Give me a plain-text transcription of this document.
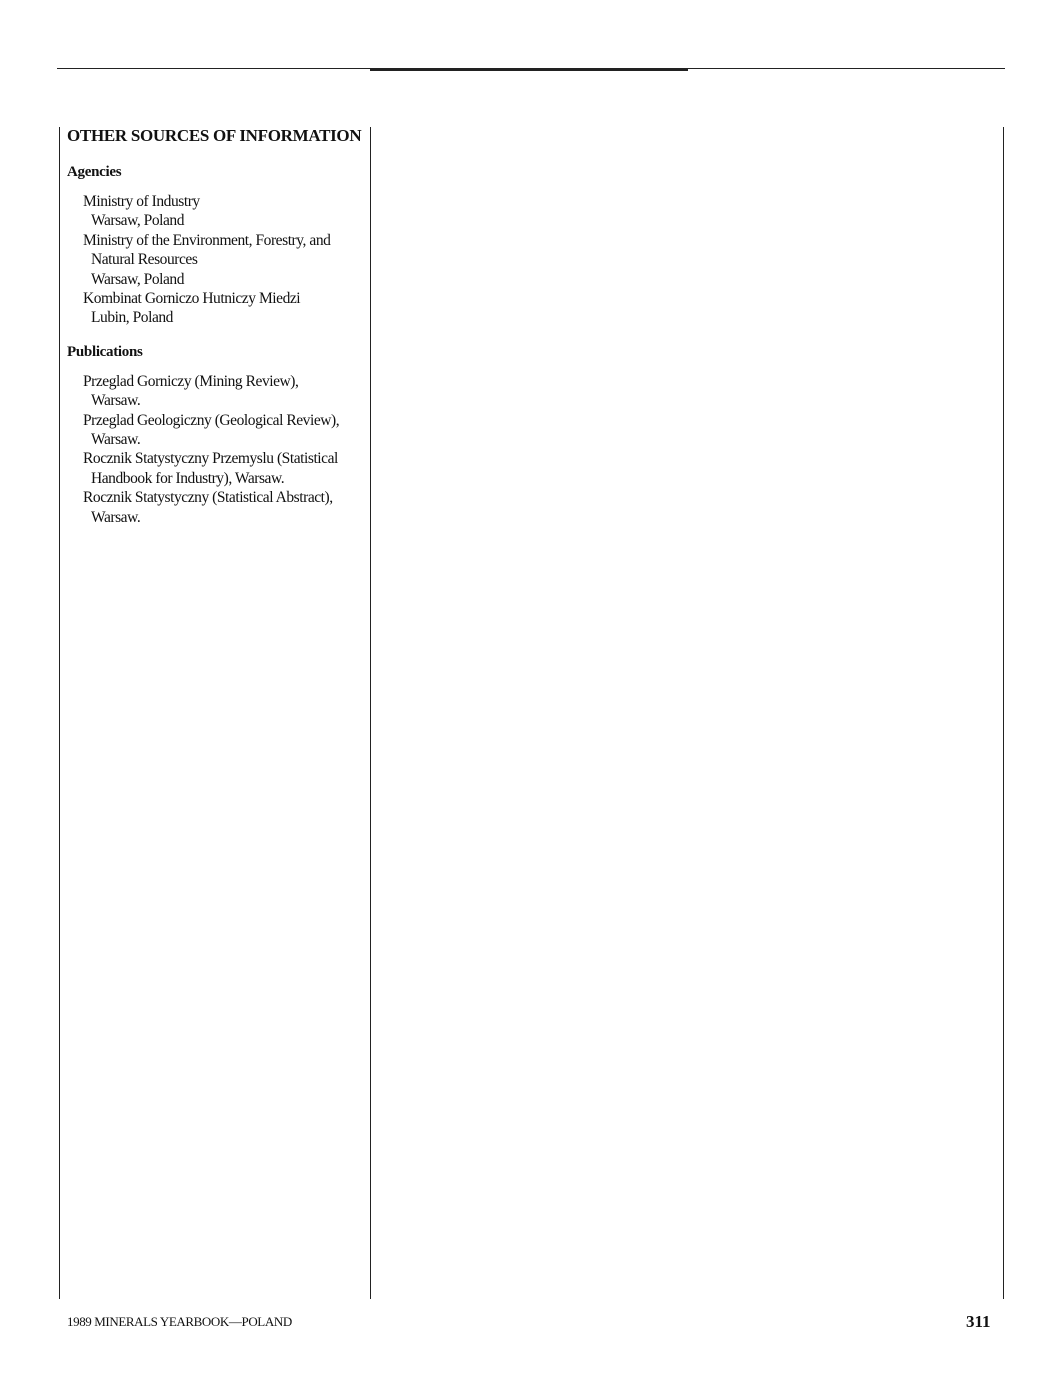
OTHER SOURCES OF INFORMATION
Agencies
Ministry of Industry
Warsaw, Poland
Ministry of the Environment, Forestry, and
Natural Resources
Warsaw, Poland
Kombinat Gorniczo Hutniczy Miedzi
Lubin, Poland
Publications
Przeglad Gorniczy (Mining Review),
Warsaw.
Przeglad Geologiczny (Geological Review),
Warsaw.
Rocznik Statystyczny Przemyslu (Statistical
Handbook for Industry), Warsaw.
Rocznik Statystyczny (Statistical Abstract),
Warsaw.
1989 MINERALS YEARBOOK—POLAND	311
